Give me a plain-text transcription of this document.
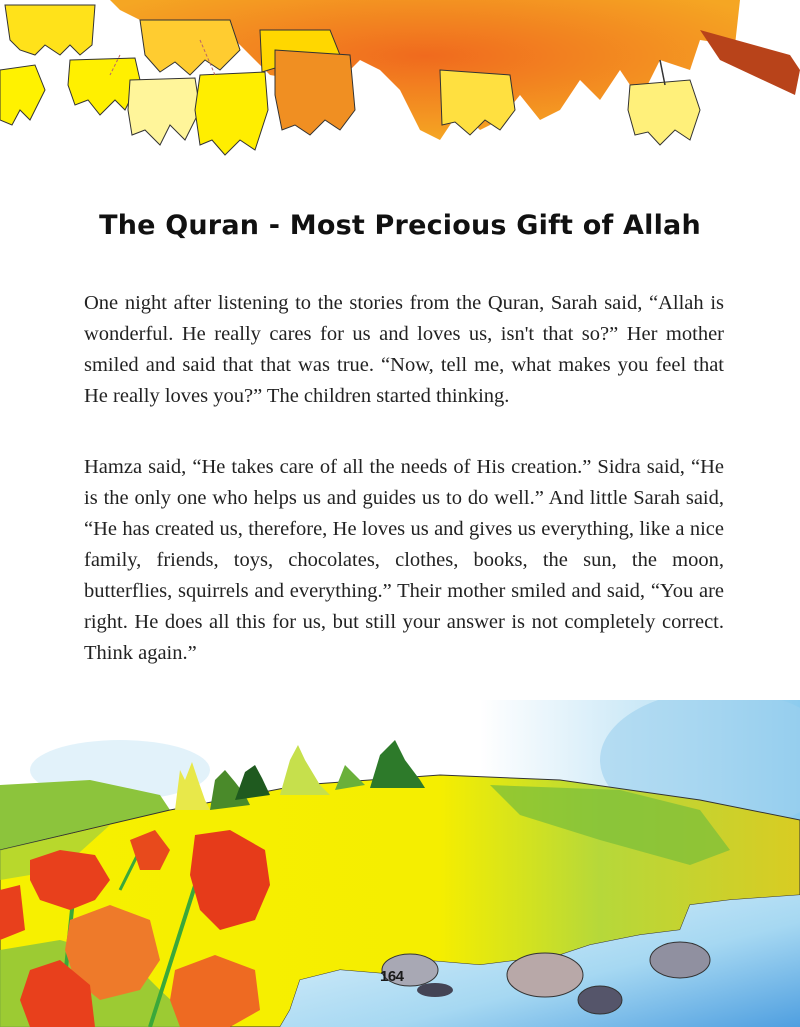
The Quran - Most Precious Gift of Allah

One night after listening to the stories from the Quran, Sarah said, “Allah is wonderful. He really cares for us and loves us, isn't that so?” Her mother smiled and said that that was true. “Now, tell me, what makes you feel that He really loves you?” The children started thinking.

Hamza said, “He takes care of all the needs of His creation.” Sidra said, “He is the only one who helps us and guides us to do well.” And little Sarah said, “He has created us, therefore, He loves us and gives us everything, like a nice family, friends, toys, chocolates, clothes, books, the sun, the moon, butterflies, squirrels and everything.” Their mother smiled and said, “You are right. He does all this for us, but still your answer is not completely correct. Think again.”

164
